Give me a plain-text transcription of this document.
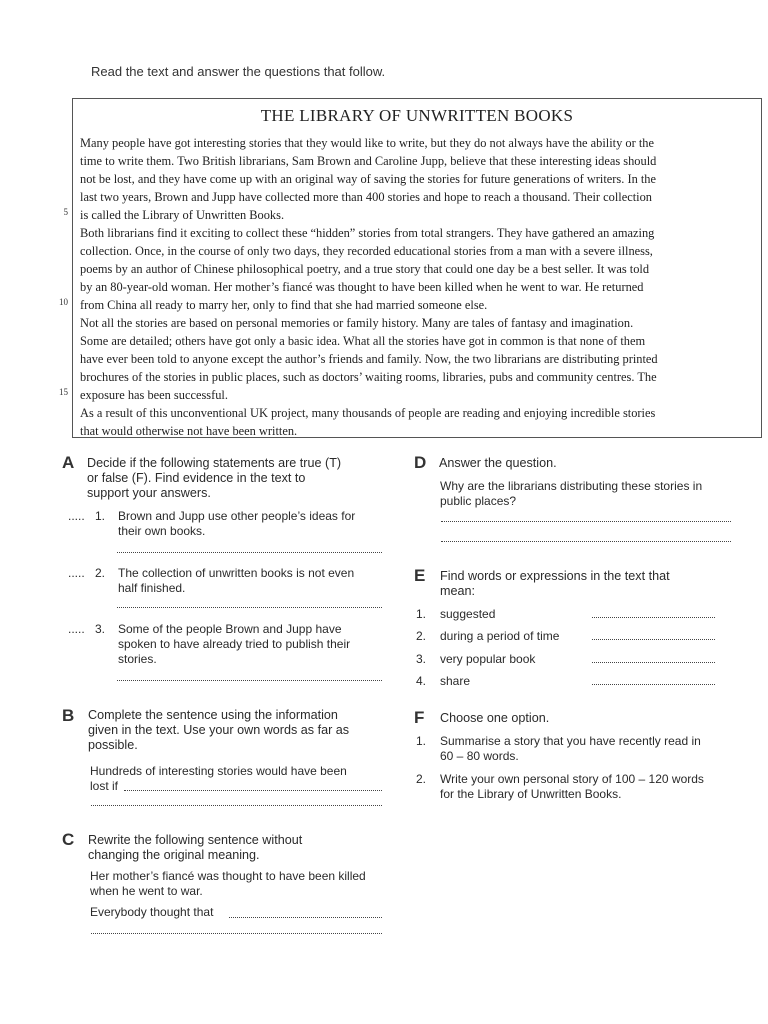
Read the text and answer the questions that follow.
THE LIBRARY OF UNWRITTEN BOOKS
Many people have got interesting stories that they would like to write, but they do not always have the ability or the
time to write them. Two British librarians, Sam Brown and Caroline Jupp, believe that these interesting ideas should
not be lost, and they have come up with an original way of saving the stories for future generations of writers. In the
last two years, Brown and Jupp have collected more than 400 stories and hope to reach a thousand. Their collection
is called the Library of Unwritten Books.
Both librarians find it exciting to collect these “hidden” stories from total strangers. They have gathered an amazing
collection. Once, in the course of only two days, they recorded educational stories from a man with a severe illness,
poems by an author of Chinese philosophical poetry, and a true story that could one day be a best seller. It was told
by an 80-year-old woman. Her mother’s fiancé was thought to have been killed when he went to war. He returned
from China all ready to marry her, only to find that she had married someone else.
Not all the stories are based on personal memories or family history. Many are tales of fantasy and imagination.
Some are detailed; others have got only a basic idea. What all the stories have got in common is that none of them
have ever been told to anyone except the author’s friends and family. Now, the two librarians are distributing printed
brochures of the stories in public places, such as doctors’ waiting rooms, libraries, pubs and community centres. The
exposure has been successful.
As a result of this unconventional UK project, many thousands of people are reading and enjoying incredible stories
that would otherwise not have been written.
5
10
15
A Decide if the following statements are true (T)
or false (F). Find evidence in the text to
support your answers.
..... 1. Brown and Jupp use other people’s ideas for
their own books.
..... 2. The collection of unwritten books is not even
half finished.
..... 3. Some of the people Brown and Jupp have
spoken to have already tried to publish their
stories.
B Complete the sentence using the information
given in the text. Use your own words as far as
possible.
Hundreds of interesting stories would have been
lost if
C Rewrite the following sentence without
changing the original meaning.
Her mother’s fiancé was thought to have been killed
when he went to war.
Everybody thought that
D Answer the question.
Why are the librarians distributing these stories in
public places?
E Find words or expressions in the text that
mean:
1. suggested
2. during a period of time
3. very popular book
4. share
F Choose one option.
1. Summarise a story that you have recently read in
60 – 80 words.
2. Write your own personal story of 100 – 120 words
for the Library of Unwritten Books.
